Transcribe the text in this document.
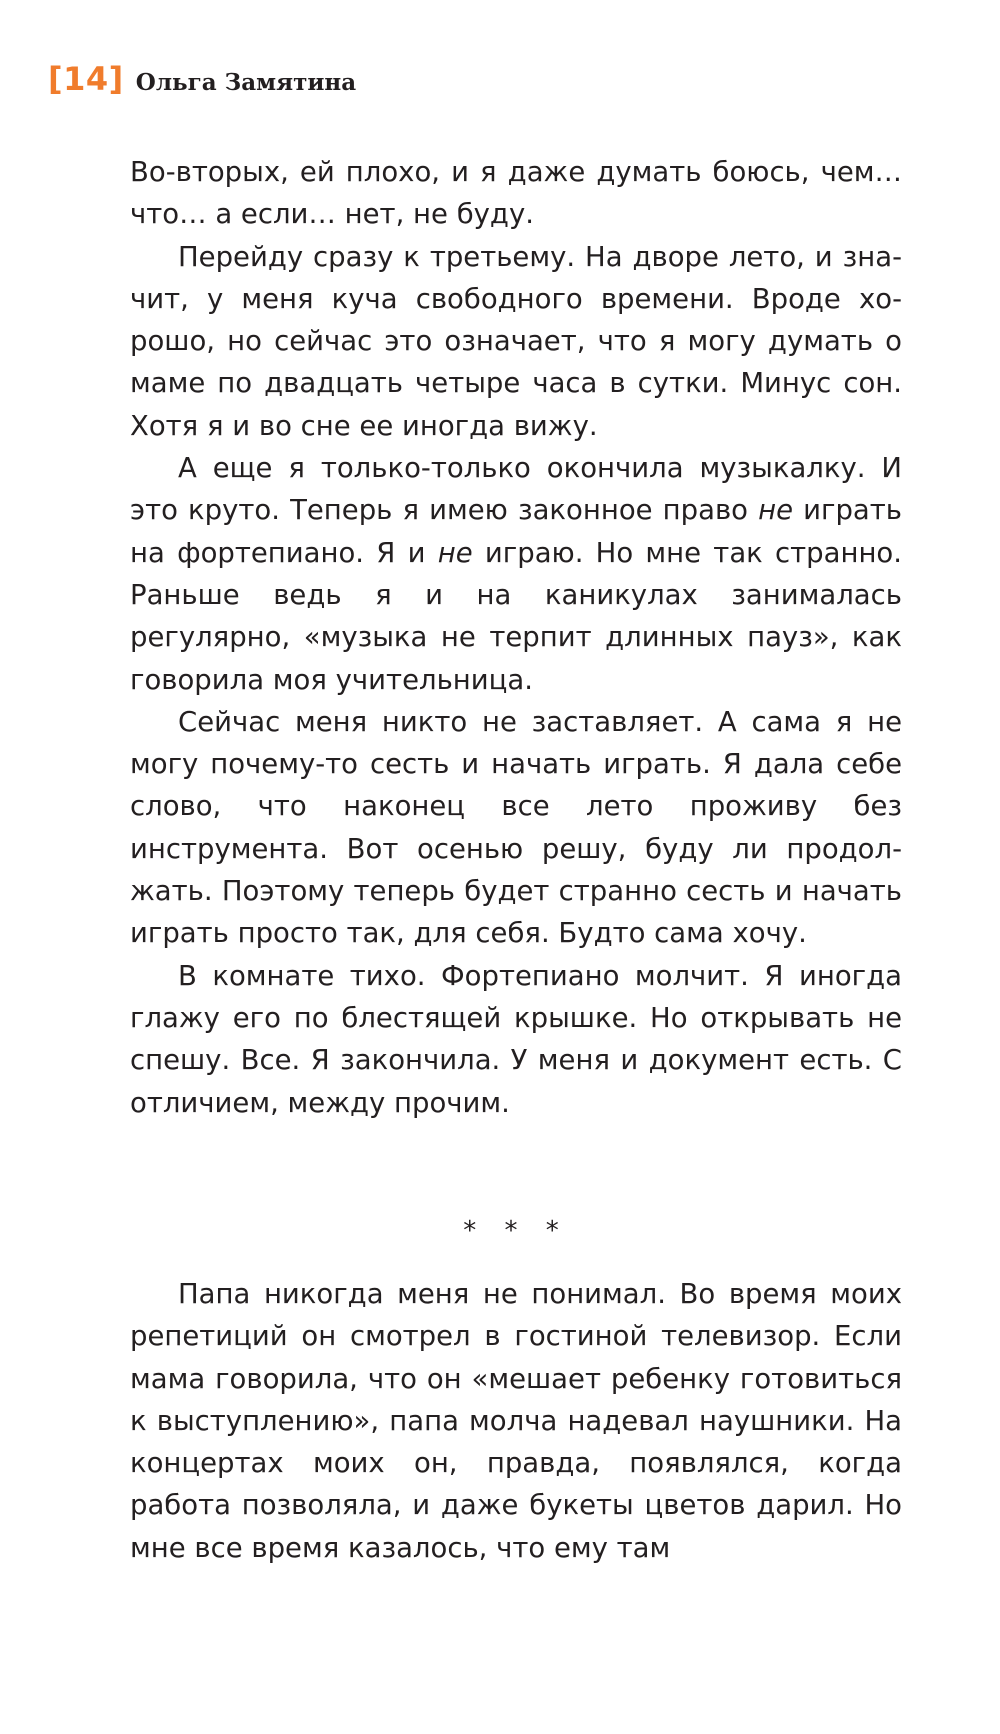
[14] Ольга Замятина

Во-вторых, ей плохо, и я даже думать боюсь, чем… что… а если… нет, не буду.

Перейду сразу к третьему. На дворе лето, и значит, у меня куча свободного времени. Вроде хорошо, но сейчас это означает, что я могу думать о маме по двадцать четыре часа в сутки. Минус сон. Хотя я и во сне ее иногда вижу.

А еще я только-только окончила музыкалку. И это круто. Теперь я имею законное право не играть на фортепиано. Я и не играю. Но мне так странно. Раньше ведь я и на каникулах занималась регулярно, «музыка не терпит длинных пауз», как говорила моя учительница.

Сейчас меня никто не заставляет. А сама я не могу почему-то сесть и начать играть. Я дала себе слово, что наконец все лето проживу без инструмента. Вот осенью решу, буду ли продолжать. Поэтому теперь будет странно сесть и начать играть просто так, для себя. Будто сама хочу.

В комнате тихо. Фортепиано молчит. Я иногда глажу его по блестящей крышке. Но открывать не спешу. Все. Я закончила. У меня и документ есть. С отличием, между прочим.

* * *

Папа никогда меня не понимал. Во время моих репетиций он смотрел в гостиной телевизор. Если мама говорила, что он «мешает ребенку готовиться к выступлению», папа молча надевал наушники. На концертах моих он, правда, появлялся, когда работа позволяла, и даже букеты цветов дарил. Но мне все время казалось, что ему там
